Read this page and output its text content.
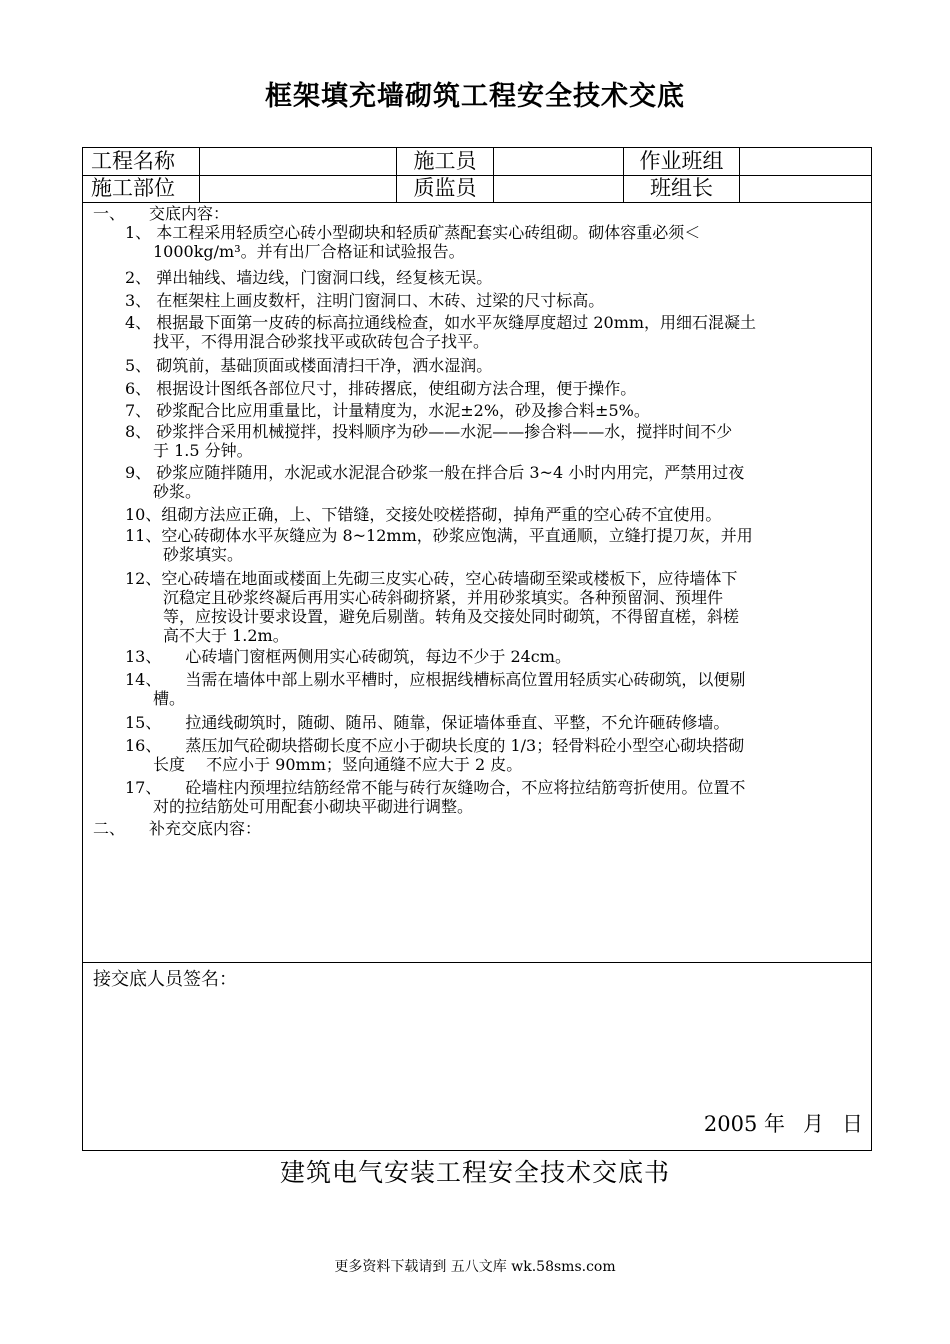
框架填充墙砌筑工程安全技术交底
工程名称	施工员	作业班组
施工部位	质监员	班组长
一、　　交底内容：
1、 本工程采用轻质空心砖小型砌块和轻质矿蒸配套实心砖组砌。砌体容重必须＜
1000kg/m³。并有出厂合格证和试验报告。
2、 弹出轴线、墙边线，门窗洞口线，经复核无误。
3、 在框架柱上画皮数杆，注明门窗洞口、木砖、过梁的尺寸标高。
4、 根据最下面第一皮砖的标高拉通线检查，如水平灰缝厚度超过 20mm，用细石混凝土
找平，不得用混合砂浆找平或砍砖包合子找平。
5、 砌筑前，基础顶面或楼面清扫干净，洒水湿润。
6、 根据设计图纸各部位尺寸，排砖撂底，使组砌方法合理，便于操作。
7、 砂浆配合比应用重量比，计量精度为，水泥±2%，砂及掺合料±5%。
8、 砂浆拌合采用机械搅拌，投料顺序为砂——水泥——掺合料——水，搅拌时间不少
于 1.5 分钟。
9、 砂浆应随拌随用，水泥或水泥混合砂浆一般在拌合后 3~4 小时内用完，严禁用过夜
砂浆。
10、组砌方法应正确，上、下错缝，交接处咬槎搭砌，掉角严重的空心砖不宜使用。
11、空心砖砌体水平灰缝应为 8~12mm，砂浆应饱满，平直通顺，立缝打提刀灰，并用
砂浆填实。
12、空心砖墙在地面或楼面上先砌三皮实心砖，空心砖墙砌至梁或楼板下，应待墙体下
沉稳定且砂浆终凝后再用实心砖斜砌挤紧，并用砂浆填实。各种预留洞、预埋件
等，应按设计要求设置，避免后剔凿。转角及交接处同时砌筑，不得留直槎，斜槎
高不大于 1.2m。
13、　　心砖墙门窗框两侧用实心砖砌筑，每边不少于 24cm。
14、　　当需在墙体中部上剔水平槽时，应根据线槽标高位置用轻质实心砖砌筑，以便剔
槽。
15、　　拉通线砌筑时，随砌、随吊、随靠，保证墙体垂直、平整，不允许砸砖修墙。
16、　　蒸压加气砼砌块搭砌长度不应小于砌块长度的 1/3；轻骨料砼小型空心砌块搭砌
长度　 不应小于 90mm；竖向通缝不应大于 2 皮。
17、　　砼墙柱内预埋拉结筋经常不能与砖行灰缝吻合，不应将拉结筋弯折使用。位置不
对的拉结筋处可用配套小砌块平砌进行调整。
二、　　补充交底内容：
接交底人员签名：
2005 年 月 日
建筑电气安装工程安全技术交底书
更多资料下载请到 五八文库 wk.58sms.com
